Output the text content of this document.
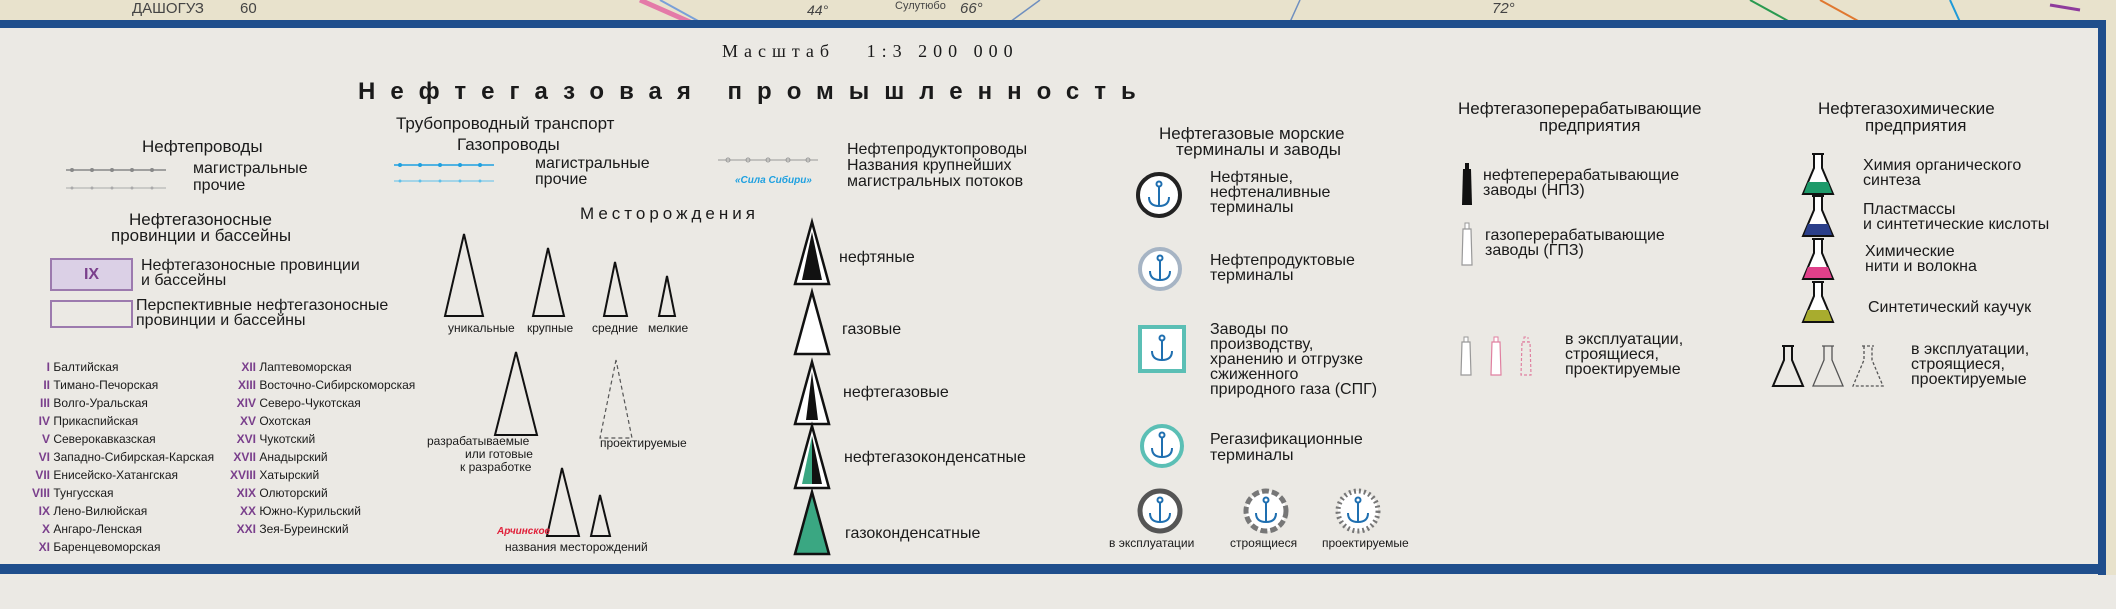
ДАШОГУЗ 60	44°	Сулутюбо 66°	72°
Масштаб   1:3 200 000
Нефтегазовая промышленность
Нефтепроводы
магистральные
прочие
Трубопроводный транспорт
Газопроводы
магистральные
прочие	«Сила Сибири»
Нефтепродуктопроводы
Названия крупнейших
магистральных потоков
Нефтегазоносные
провинции и бассейны
IX
Нефтегазоносные провинции
и бассейны
Перспективные нефтегазоносные
провинции и бассейны
I Балтийская
II Тимано-Печорская
III Волго-Уральская
IV Прикаспийская
V Северокавказская
VI Западно-Сибирская-Карская
VII Енисейско-Хатангская
VIII Тунгусская
IX Лено-Вилюйская
X Ангаро-Ленская
XI Баренцевоморская
XII Лаптевоморская
XIII Восточно-Сибирскоморская
XIV Северо-Чукотская
XV Охотская
XVI Чукотский
XVII Анадырский
XVIII Хатырский
XIX Олюторский
XX Южно-Курильский
XXI Зея-Буреинский
Месторождения
уникальные крупные средние мелкие
разрабатываемые
или готовые
к разработке
проектируемые
Арчинское
названия месторождений
нефтяные
газовые
нефтегазовые
нефтегазоконденсатные
газоконденсатные
Нефтегазовые морские
терминалы и заводы
Нефтяные,
нефтеналивные
терминалы
Нефтепродуктовые
терминалы
Заводы по
производству,
хранению и отгрузке
сжиженного
природного газа (СПГ)
Регазификационные
терминалы
в эксплуатации	строящиеся проектируемые
Нефтегазоперерабатывающие
предприятия
нефтеперерабатывающие
заводы (НПЗ)
газоперерабатывающие
заводы (ГПЗ)
в эксплуатации,
строящиеся,
проектируемые
Нефтегазохимические
предприятия
Химия органического
синтеза
Пластмассы
и синтетические кислоты
Химические
нити и волокна
Синтетический каучук
в эксплуатации,
строящиеся,
проектируемые
